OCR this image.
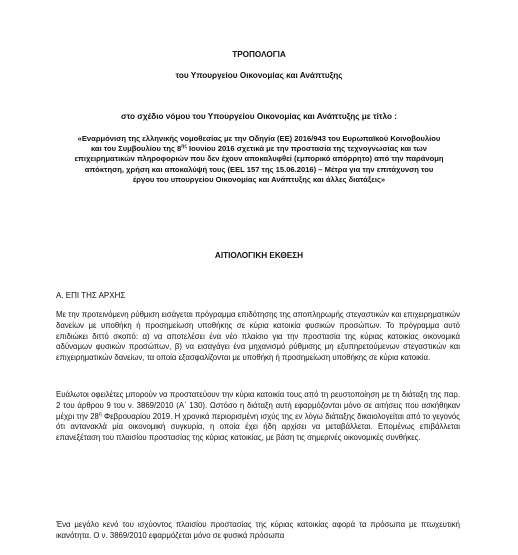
ΤΡΟΠΟΛΟΓΙΑ
του Υπουργείου Οικονομίας και Ανάπτυξης
στο σχέδιο νόμου του Υπουργείου Οικονομίας και Ανάπτυξης με τίτλο :
«Εναρμόνιση της ελληνικής νομοθεσίας με την Οδηγία (ΕΕ) 2016/943 του Ευρωπαϊκού Κοινοβουλίου και του Συμβουλίου της $8^{\eta\varsigma}$ Ιουνίου 2016 σχετικά με την προστασία της τεχνογνωσίας και των επιχειρηματικών πληροφοριών που δεν έχουν αποκαλυφθεί (εμπορικό απόρρητο) από την παράνομη απόκτηση, χρήση και αποκαλύψή τους (EEL 157 της 15.06.2016) – Μέτρα για την επιτάχυνση του έργου του υπουργείου Οικονομίας και Ανάπτυξης και άλλες διατάξεις»
ΑΙΤΙΟΛΟΓΙΚΗ ΕΚΘΕΣΗ
Α. ΕΠΙ ΤΗΣ ΑΡΧΗΣ
Με την προτεινόμενη ρύθμιση εισάγεται πρόγραμμα επιδότησης της αποπληρωμής στεγαστικών και επιχειρηματικών δανείων με υποθήκη ή προσημείωση υποθήκης σε κύρια κατοικία φυσικών προσώπων. Το πρόγραμμα αυτό επιδιώκει διττό σκοπό: α) να αποτελέσει ένα νέο πλαίσιο για την προστασία της κύριας κατοικίας οικονομικά αδύναμων φυσικών προσώπων, β) να εισαγάγει ένα μηχανισμό ρύθμισης μη εξυπηρετούμενων στεγαστικών και επιχειρηματικών δανείων, τα οποία εξασφαλίζονται με υποθήκη ή προσημείωση υποθήκης σε κύρια κατοικία.
Ευάλωτοι οφειλέτες μπορούν να προστατεύουν την κύρια κατοικία τους από τη ρευστοποίηση με τη διάταξη της παρ. 2 του άρθρου 9 του ν. 3869/2010 (Α΄ 130). Ωστόσο η διάταξη αυτή εφαρμόζονται μόνο σε αιτήσεις που ασκήθηκαν μέχρι την $28^\eta$ Φεβρουαρίου 2019. Η χρονικά περιορισμένη ισχύς της εν λόγω διάταξης δικαιολογείται από το γεγονός ότι αντανακλά μία οικονομική συγκυρία, η οποία έχει ήδη αρχίσει να μεταβάλλεται. Επομένως επιβάλλεται επανεξέταση του πλαισίου προστασίας της κύριας κατοικίας, με βάση τις σημερινές οικονομικές συνθήκες.
Ένα μεγάλο κενό του ισχύοντος πλαισίου προστασίας της κύριας κατοικίας αφορά τα πρόσωπα με πτωχευτική ικανότητα. Ο ν. 3869/2010 εφαρμόζεται μόνο σε φυσικά πρόσωπα
